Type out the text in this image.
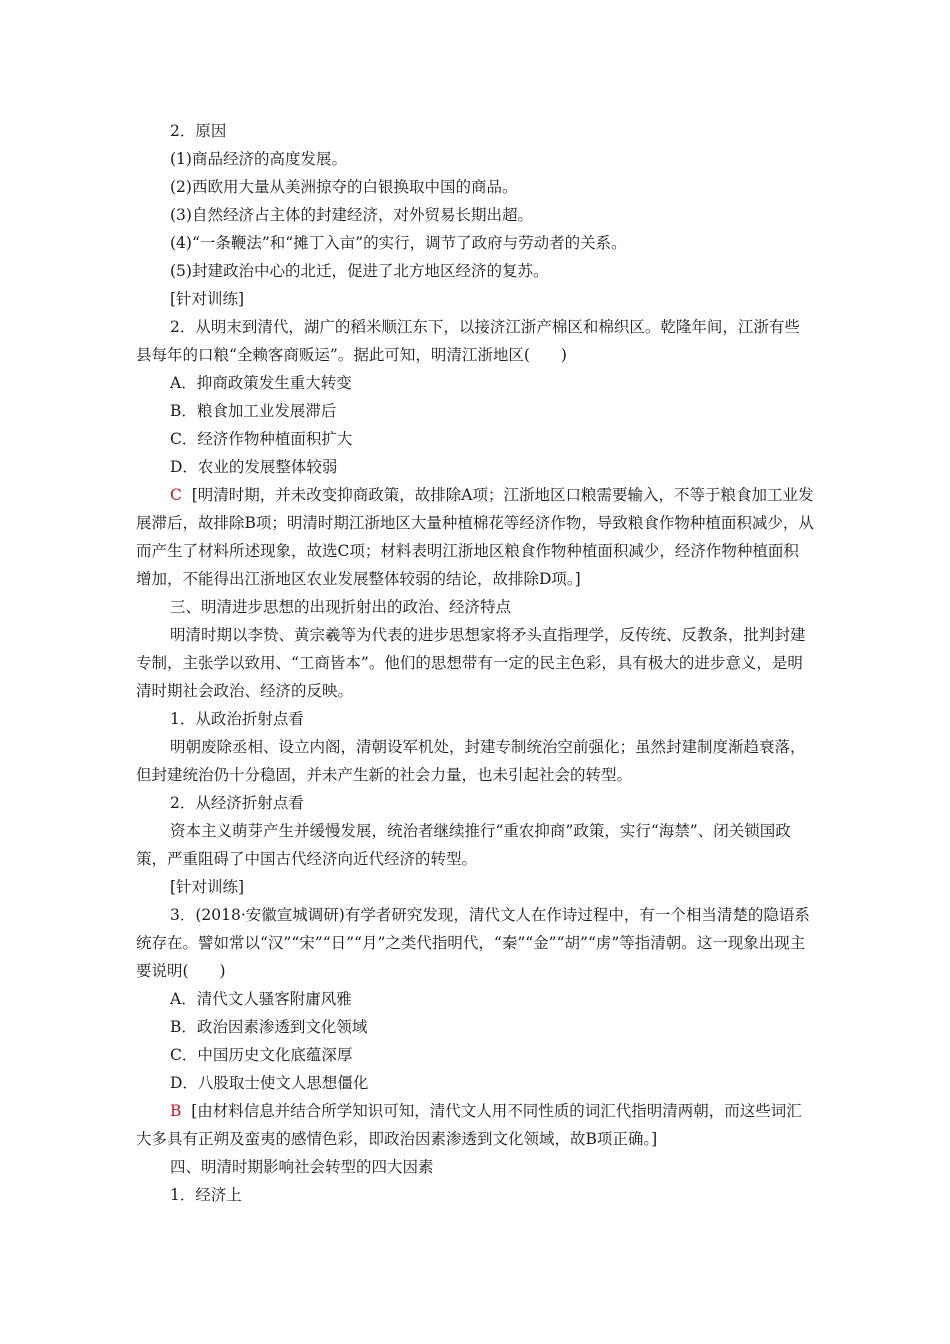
2．原因

(1)商品经济的高度发展。

(2)西欧用大量从美洲掠夺的白银换取中国的商品。

(3)自然经济占主体的封建经济，对外贸易长期出超。

(4)“一条鞭法”和“摊丁入亩”的实行，调节了政府与劳动者的关系。

(5)封建政治中心的北迁，促进了北方地区经济的复苏。

[针对训练]

2．从明末到清代，湖广的稻米顺江东下，以接济江浙产棉区和棉织区。乾隆年间，江浙有些县每年的口粮“全赖客商贩运”。据此可知，明清江浙地区(　　)

A．抑商政策发生重大转变

B．粮食加工业发展滞后

C．经济作物种植面积扩大

D．农业的发展整体较弱

C [明清时期，并未改变抑商政策，故排除A项；江浙地区口粮需要输入，不等于粮食加工业发展滞后，故排除B项；明清时期江浙地区大量种植棉花等经济作物，导致粮食作物种植面积减少，从而产生了材料所述现象，故选C项；材料表明江浙地区粮食作物种植面积减少，经济作物种植面积增加，不能得出江浙地区农业发展整体较弱的结论，故排除D项。]

三、明清进步思想的出现折射出的政治、经济特点

明清时期以李贽、黄宗羲等为代表的进步思想家将矛头直指理学，反传统、反教条，批判封建专制，主张学以致用、“工商皆本”。他们的思想带有一定的民主色彩，具有极大的进步意义，是明清时期社会政治、经济的反映。

1．从政治折射点看

明朝废除丞相、设立内阁，清朝设军机处，封建专制统治空前强化；虽然封建制度渐趋衰落，但封建统治仍十分稳固，并未产生新的社会力量，也未引起社会的转型。

2．从经济折射点看

资本主义萌芽产生并缓慢发展，统治者继续推行“重农抑商”政策，实行“海禁”、闭关锁国政策，严重阻碍了中国古代经济向近代经济的转型。

[针对训练]

3．(2018·安徽宣城调研)有学者研究发现，清代文人在作诗过程中，有一个相当清楚的隐语系统存在。譬如常以“汉”“宋”“日”“月”之类代指明代，“秦”“金”“胡”“虏”等指清朝。这一现象出现主要说明(　　)

A．清代文人骚客附庸风雅

B．政治因素渗透到文化领域

C．中国历史文化底蕴深厚

D．八股取士使文人思想僵化

B [由材料信息并结合所学知识可知，清代文人用不同性质的词汇代指明清两朝，而这些词汇大多具有正朔及蛮夷的感情色彩，即政治因素渗透到文化领域，故B项正确。]

四、明清时期影响社会转型的四大因素

1．经济上
